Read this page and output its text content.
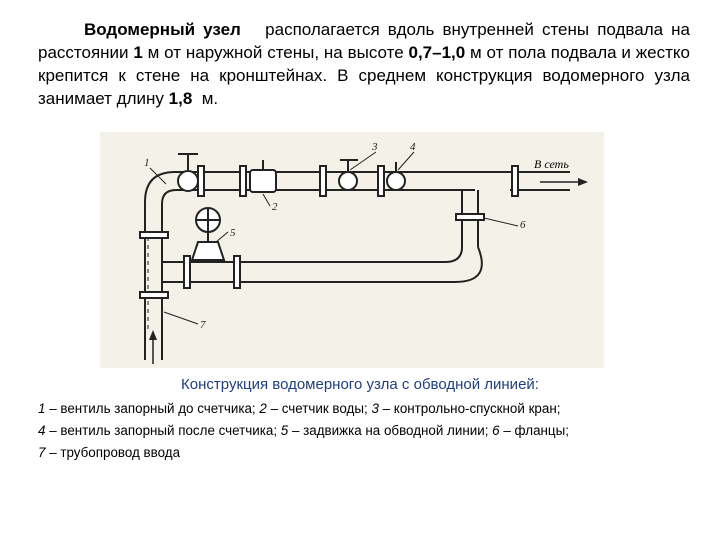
Водомерный узел располагается вдоль внутренней стены подвала на расстоянии 1 м от наружной стены, на высоте 0,7–1,0 м от пола подвала и жестко крепится к стене на кронштейнах. В среднем конструкция водомерного узла занимает длину 1,8 м.
В сеть
1
2
3	4
5
6
7
Конструкция водомерного узла с обводной линией:
1 – вентиль запорный до счетчика; 2 – счетчик воды; 3 – контрольно-спускной кран;
4 – вентиль запорный после счетчика; 5 – задвижка на обводной линии; 6 – фланцы;
7 – трубопровод ввода
